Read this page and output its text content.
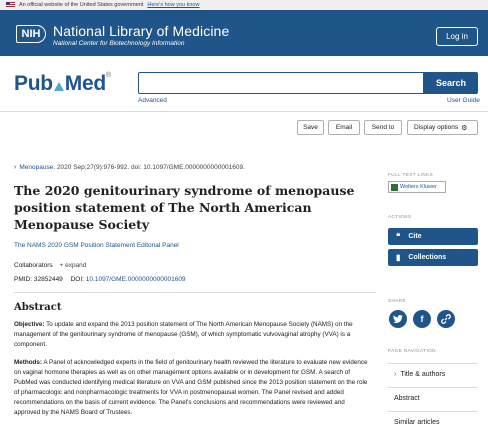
An official website of the United States government Here's how you know
NIH National Library of Medicine
National Center for Biotechnology Information
Log in
Pub Med®
Search
Advanced	User Guide
Save	Email	Send to	Display options ⚙
› Menopause. 2020 Sep;27(9):976-992. doi: 10.1097/GME.0000000000001609.
The 2020 genitourinary syndrome of menopause position statement of The North American Menopause Society
The NAMS 2020 GSM Position Statement Editorial Panel
Collaborators + expand
PMID: 32852449 DOI: 10.1097/GME.0000000000001609
Abstract

Objective: To update and expand the 2013 position statement of The North American Menopause Society (NAMS) on the management of the genitourinary syndrome of menopause (GSM), of which symptomatic vulvovaginal atrophy (VVA) is a component.

Methods: A Panel of acknowledged experts in the field of genitourinary health reviewed the literature to evaluate new evidence on vaginal hormone therapies as well as on other management options available or in development for GSM. A search of PubMed was conducted identifying medical literature on VVA and GSM published since the 2013 position statement on the role of pharmacologic and nonpharmacologic treatments for VVA in postmenopausal women. The Panel revised and added recommendations on the basis of current evidence. The Panel's conclusions and recommendations were reviewed and approved by the NAMS Board of Trustees.

FULL TEXT LINKS
Wolters Kluwer
ACTIONS
❝ Cite
▮ Collections
SHARE
f
PAGE NAVIGATION
› Title & authors
Abstract
Similar articles
